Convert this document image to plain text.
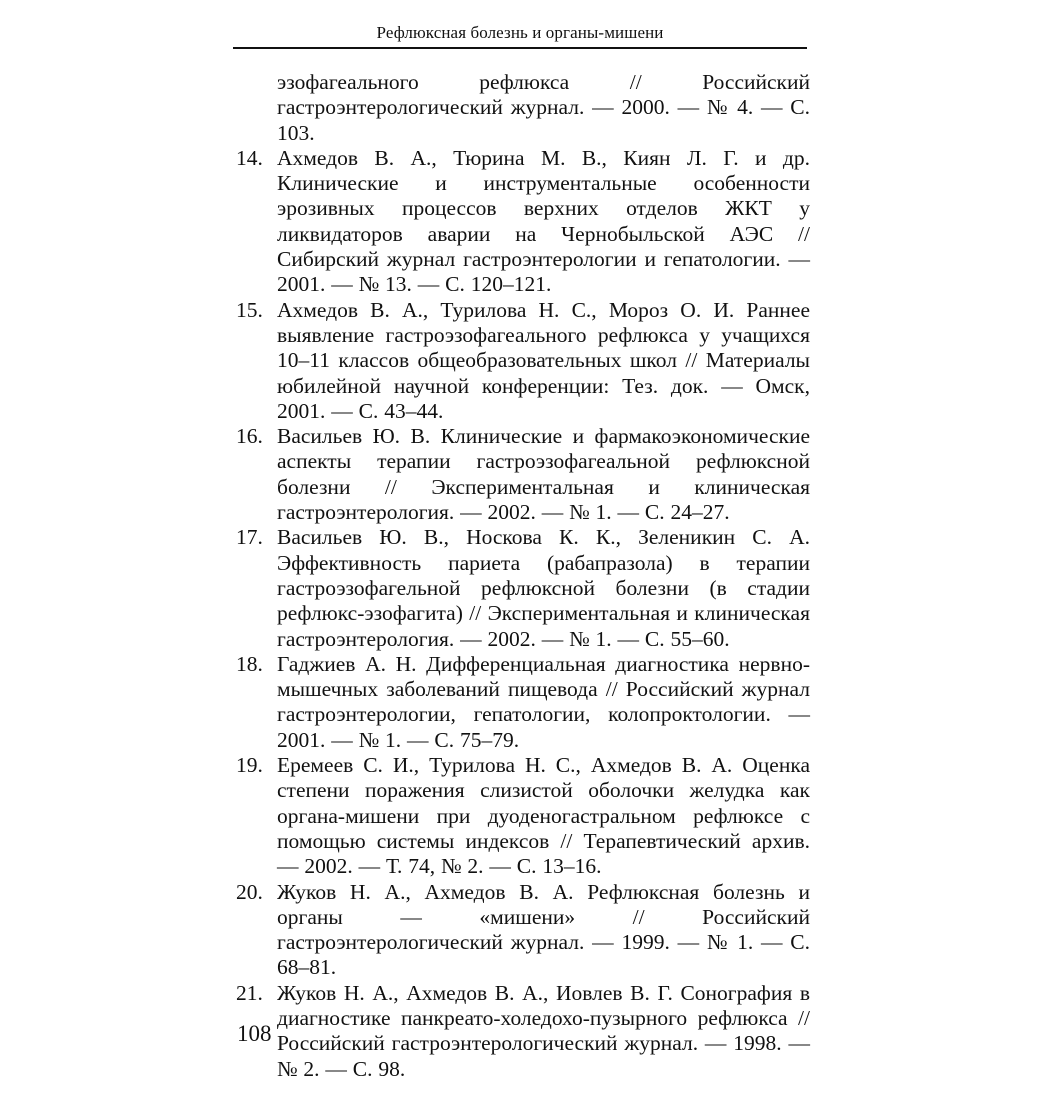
Рефлюксная болезнь и органы-мишени
эзофагеального рефлюкса // Российский гастроэнтерологический журнал. — 2000. — № 4. — С. 103.
14. Ахмедов В. А., Тюрина М. В., Киян Л. Г. и др. Клинические и инструментальные особенности эрозивных процессов верхних отделов ЖКТ у ликвидаторов аварии на Чернобыльской АЭС // Сибирский журнал гастроэнтерологии и гепатологии. — 2001. — № 13. — С. 120–121.
15. Ахмедов В. А., Турилова Н. С., Мороз О. И. Раннее выявление гастроэзофагеального рефлюкса у учащихся 10–11 классов общеобразовательных школ // Материалы юбилейной научной конференции: Тез. док. — Омск, 2001. — С. 43–44.
16. Васильев Ю. В. Клинические и фармакоэкономические аспекты терапии гастроэзофагеальной рефлюксной болезни // Экспериментальная и клиническая гастроэнтерология. — 2002. — № 1. — С. 24–27.
17. Васильев Ю. В., Носкова К. К., Зеленикин С. А. Эффективность париета (рабапразола) в терапии гастроэзофагельной рефлюксной болезни (в стадии рефлюкс-эзофагита) // Экспериментальная и клиническая гастроэнтерология. — 2002. — № 1. — С. 55–60.
18. Гаджиев А. Н. Дифференциальная диагностика нервно-мышечных заболеваний пищевода // Российский журнал гастроэнтерологии, гепатологии, колопроктологии. — 2001. — № 1. — С. 75–79.
19. Еремеев С. И., Турилова Н. С., Ахмедов В. А. Оценка степени поражения слизистой оболочки желудка как органа-мишени при дуоденогастральном рефлюксе с помощью системы индексов // Терапевтический архив. — 2002. — Т. 74, № 2. — С. 13–16.
20. Жуков Н. А., Ахмедов В. А. Рефлюксная болезнь и органы — «мишени» // Российский гастроэнтерологический журнал. — 1999. — № 1. — С. 68–81.
21. Жуков Н. А., Ахмедов В. А., Иовлев В. Г. Сонография в диагностике панкреато-холедохо-пузырного рефлюкса // Российский гастроэнтерологический журнал. — 1998. — № 2. — С. 98.
108
